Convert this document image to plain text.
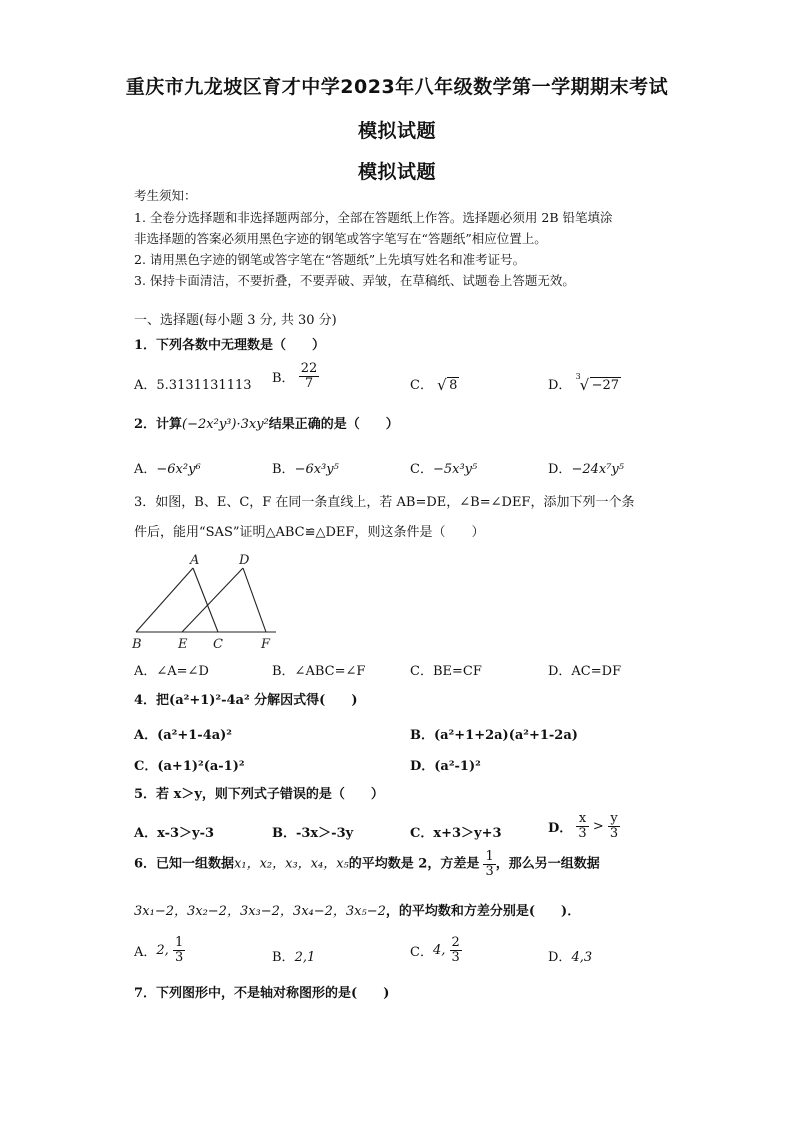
重庆市九龙坡区育才中学2023年八年级数学第一学期期末考试
模拟试题
模拟试题
考生须知：
1. 全卷分选择题和非选择题两部分，全部在答题纸上作答。选择题必须用 2B 铅笔填涂
非选择题的答案必须用黑色字迹的钢笔或答字笔写在“答题纸”相应位置上。
2. 请用黑色字迹的钢笔或答字笔在“答题纸”上先填写姓名和准考证号。
3. 保持卡面清洁，不要折叠，不要弄破、弄皱，在草稿纸、试题卷上答题无效。
一、选择题(每小题 3 分, 共 30 分)
1．下列各数中无理数是（　　）
A．5.3131131113 B． $\frac{22}{7}$	C． √ 8	D．
3
√ −27
2．计算(−2x²y³)·3xy²结果正确的是（　　）
A．−6x²y⁶	B．−6x³y⁵	C．−5x³y⁵	D．−24x⁷y⁵
3．如图，B、E、C，F 在同一条直线上，若 AB=DE，∠B=∠DEF，添加下列一个条
件后，能用“SAS”证明△ABC≌△DEF，则这条件是（　　）
A	D
B	E C	F
A．∠A=∠D	B．∠ABC=∠F	C．BE=CF	D．AC=DF
4．把(a²+1)²-4a² 分解因式得(　　)
A．(a²+1-4a)²	B．(a²+1+2a)(a²+1-2a)
C．(a+1)²(a-1)²	D．(a²-1)²
5．若 x＞y，则下列式子错误的是（　　）
A．x-3＞y-3	B．-3x＞-3y	C．x+3＞y+3	D． $\frac{x}{3} > \frac{y}{3}$
6．已知一组数据x₁，x₂，x₃，x₄，x₅的平均数是 2，方差是 $\frac{1}{3}$ ，那么另一组数据
3x₁−2，3x₂−2，3x₃−2，3x₄−2，3x₅−2，的平均数和方差分别是(　　)．
A．2, $\frac{1}{3}$	B．2,1	C．4, $\frac{2}{3}$	D．4,3
7．下列图形中，不是轴对称图形的是(　　)
